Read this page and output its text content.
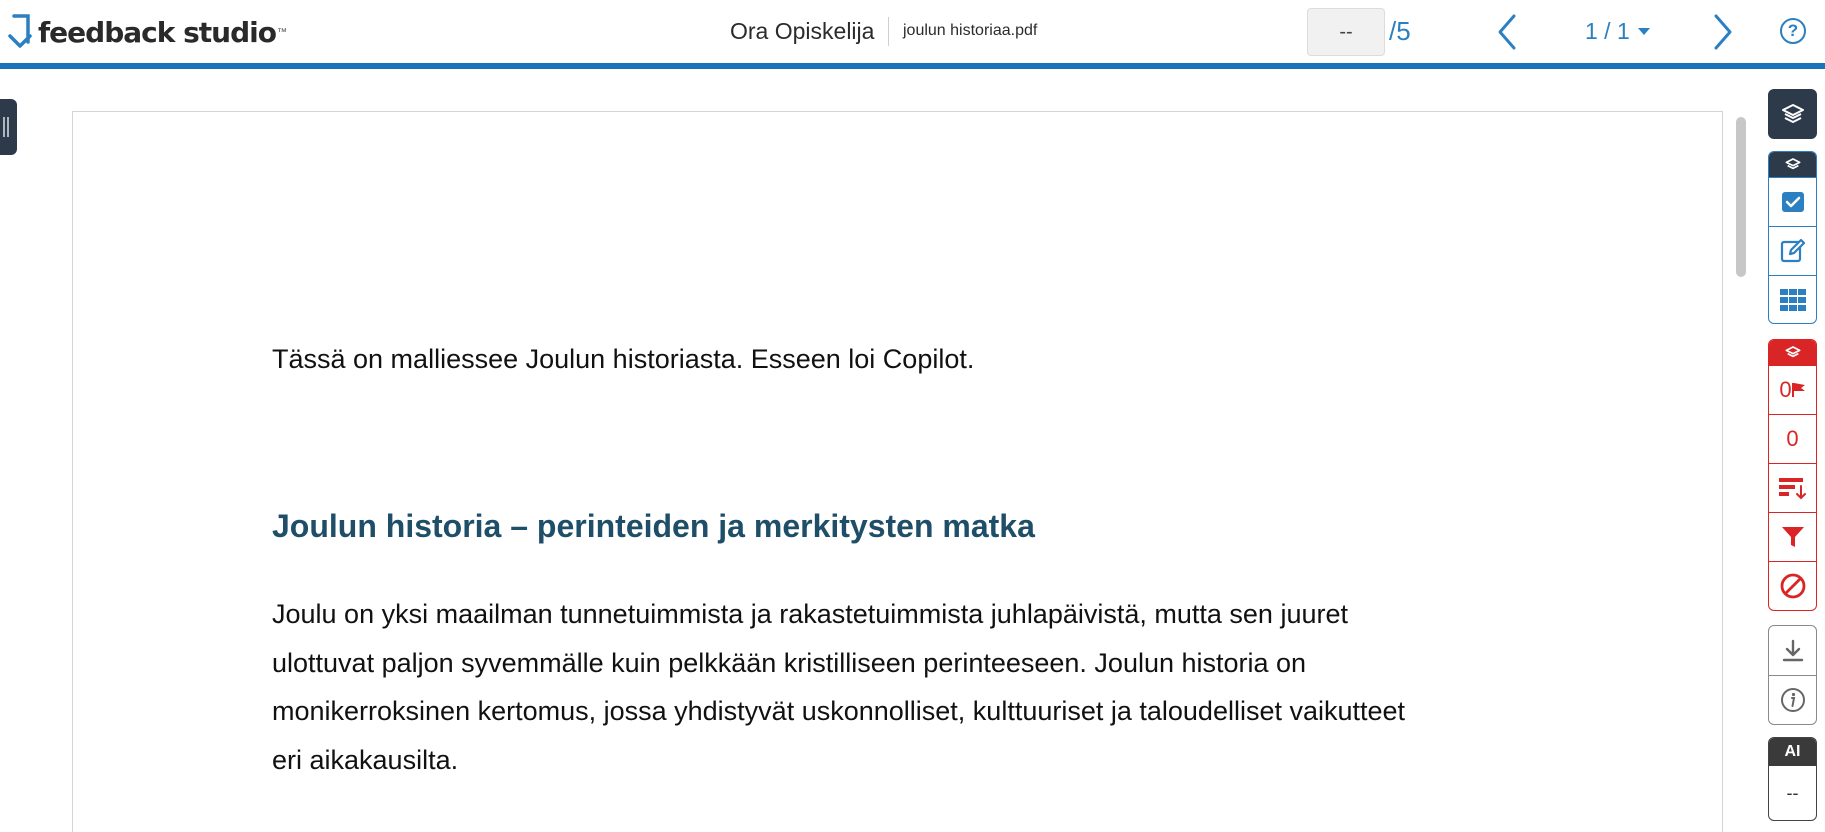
feedback studio ™	Ora Opiskelija joulun historiaa.pdf	--	/5	1 / 1	?
Tässä on malliessee Joulun historiasta. Esseen loi Copilot.
Joulun historia – perinteiden ja merkitysten matka
Joulu on yksi maailman tunnetuimmista ja rakastetuimmista juhlapäivistä, mutta sen juuret
ulottuvat paljon syvemmälle kuin pelkkään kristilliseen perinteeseen. Joulun historia on
monikerroksinen kertomus, jossa yhdistyvät uskonnolliset, kulttuuriset ja taloudelliset vaikutteet
eri aikakausilta.
0
0
AI
--
